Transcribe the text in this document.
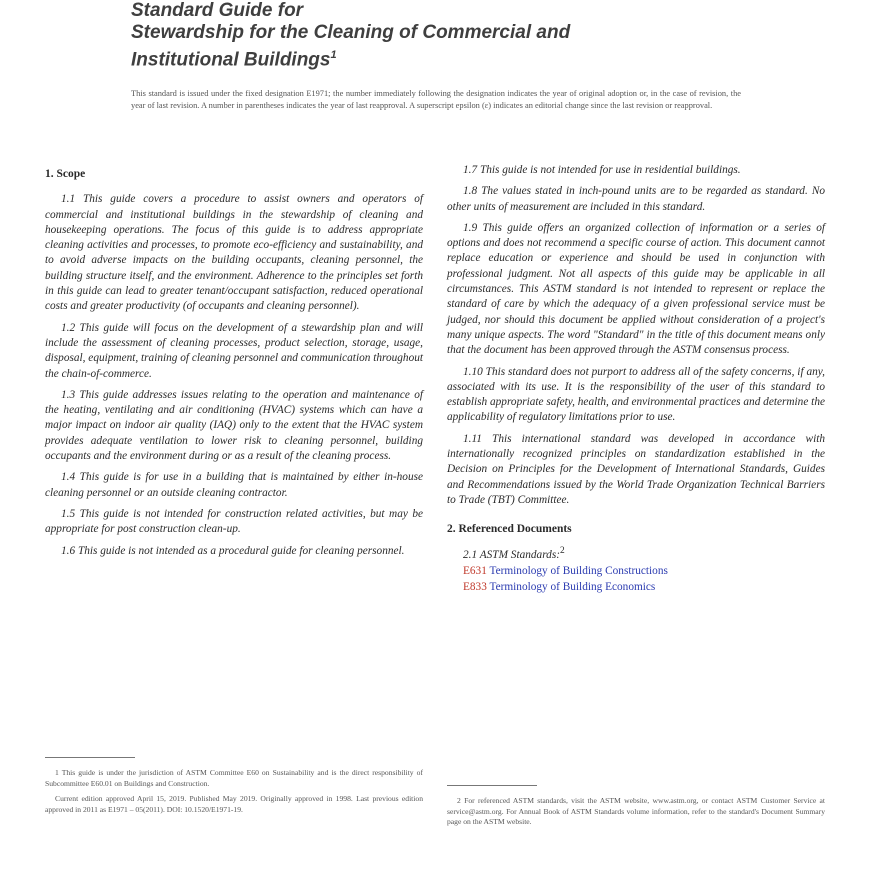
Standard Guide for
Stewardship for the Cleaning of Commercial and
Institutional Buildings$^1$
This standard is issued under the fixed designation E1971; the number immediately following the designation indicates the year of original adoption or, in the case of revision, the year of last revision. A number in parentheses indicates the year of last reapproval. A superscript epsilon (ε) indicates an editorial change since the last revision or reapproval.
1. Scope

1.1 This guide covers a procedure to assist owners and operators of commercial and institutional buildings in the stewardship of cleaning and housekeeping operations. The focus of this guide is to address appropriate cleaning activities and processes, to promote eco-efficiency and sustainability, and to avoid adverse impacts on the building occupants, cleaning personnel, the building structure itself, and the environment. Adherence to the principles set forth in this guide can lead to greater tenant/occupant satisfaction, reduced operational costs and greater productivity (of occupants and cleaning personnel).

1.2 This guide will focus on the development of a stewardship plan and will include the assessment of cleaning processes, product selection, storage, usage, disposal, equipment, training of cleaning personnel and communication throughout the chain-of-commerce.

1.3 This guide addresses issues relating to the operation and maintenance of the heating, ventilating and air conditioning (HVAC) systems which can have a major impact on indoor air quality (IAQ) only to the extent that the HVAC system provides adequate ventilation to lower risk to cleaning personnel, building occupants and the environment during or as a result of the cleaning process.

1.4 This guide is for use in a building that is maintained by either in-house cleaning personnel or an outside cleaning contractor.

1.5 This guide is not intended for construction related activities, but may be appropriate for post construction clean-up.

1.6 This guide is not intended as a procedural guide for cleaning personnel.

1.7 This guide is not intended for use in residential buildings.

1.8 The values stated in inch-pound units are to be regarded as standard. No other units of measurement are included in this standard.

1.9 This guide offers an organized collection of information or a series of options and does not recommend a specific course of action. This document cannot replace education or experience and should be used in conjunction with professional judgment. Not all aspects of this guide may be applicable in all circumstances. This ASTM standard is not intended to represent or replace the standard of care by which the adequacy of a given professional service must be judged, nor should this document be applied without consideration of a project's many unique aspects. The word "Standard" in the title of this document means only that the document has been approved through the ASTM consensus process.

1.10 This standard does not purport to address all of the safety concerns, if any, associated with its use. It is the responsibility of the user of this standard to establish appropriate safety, health, and environmental practices and determine the applicability of regulatory limitations prior to use.

1.11 This international standard was developed in accordance with internationally recognized principles on standardization established in the Decision on Principles for the Development of International Standards, Guides and Recommendations issued by the World Trade Organization Technical Barriers to Trade (TBT) Committee.

2. Referenced Documents
2.1 ASTM Standards:$^2$
E631 Terminology of Building Constructions
E833 Terminology of Building Economics

1 This guide is under the jurisdiction of ASTM Committee E60 on Sustainability and is the direct responsibility of Subcommittee E60.01 on Buildings and Construction.

Current edition approved April 15, 2019. Published May 2019. Originally approved in 1998. Last previous edition approved in 2011 as E1971 – 05(2011). DOI: 10.1520/E1971-19.

2 For referenced ASTM standards, visit the ASTM website, www.astm.org, or contact ASTM Customer Service at service@astm.org. For Annual Book of ASTM Standards volume information, refer to the standard's Document Summary page on the ASTM website.
